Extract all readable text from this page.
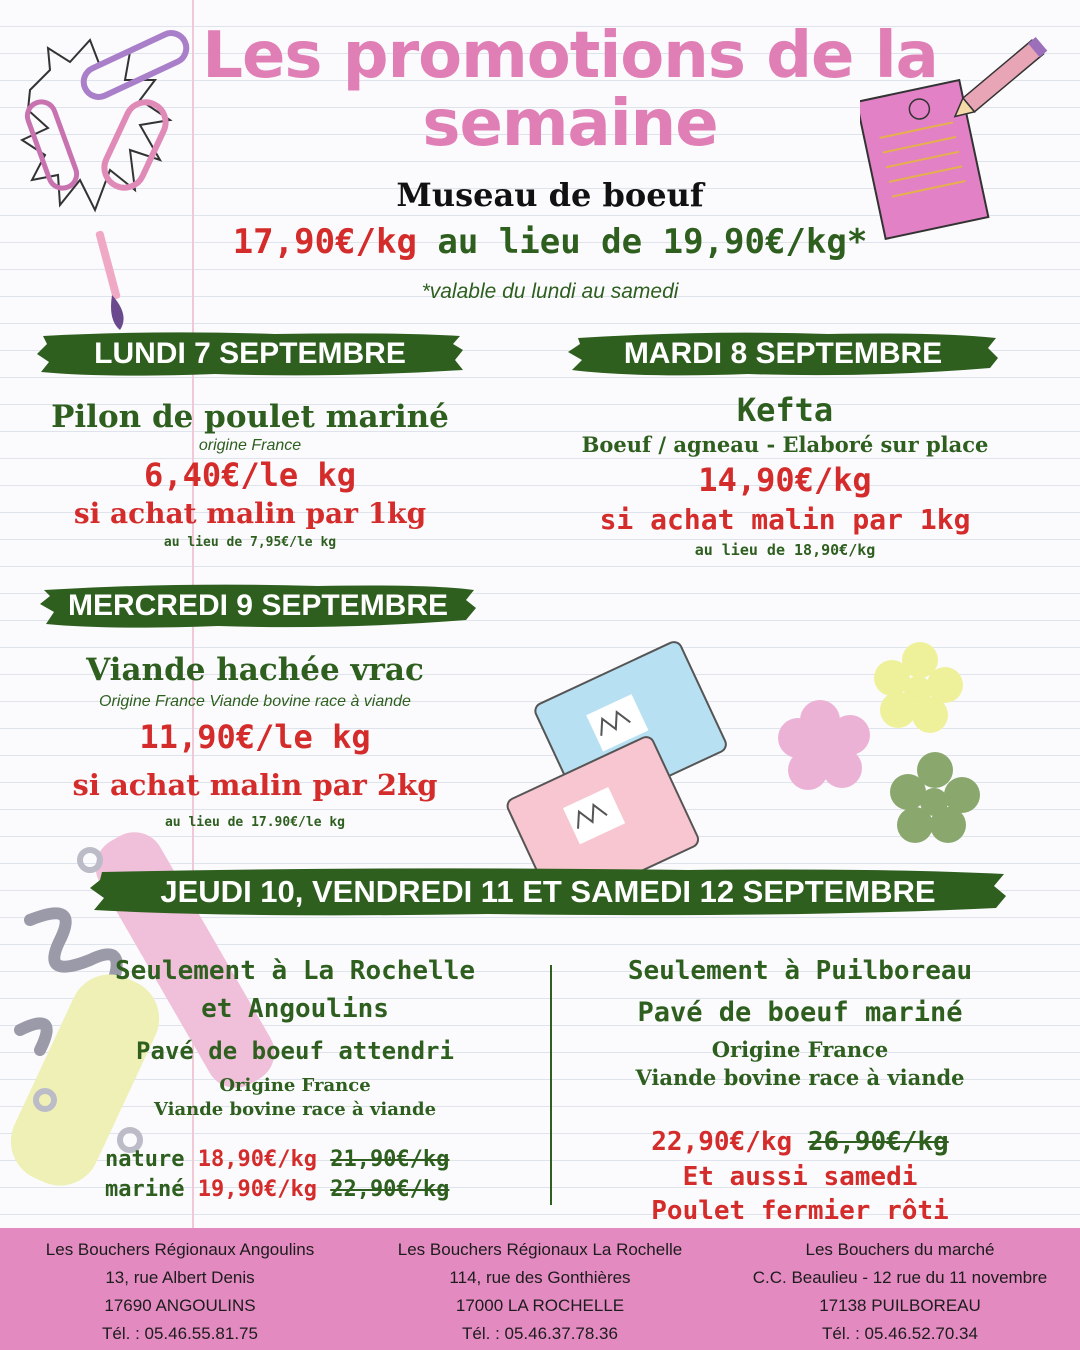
Les promotions de la semaine
Museau de boeuf
17,90€/kg au lieu de 19,90€/kg*
*valable du lundi au samedi
LUNDI 7 SEPTEMBRE
Pilon de poulet mariné
origine France
6,40€/le kg
si achat malin par 1kg
au lieu de 7,95€/le kg
MARDI 8 SEPTEMBRE
Kefta
Boeuf / agneau - Elaboré sur place
14,90€/kg
si achat malin par 1kg
au lieu de 18,90€/kg
MERCREDI 9 SEPTEMBRE
Viande hachée vrac
Origine France Viande bovine race à viande
11,90€/le kg
si achat malin par 2kg
au lieu de 17.90€/le kg
JEUDI 10, VENDREDI 11 ET SAMEDI 12 SEPTEMBRE
Seulement à La Rochelle
et Angoulins
Pavé de boeuf attendri
Origine France
Viande bovine race à viande
nature 18,90€/kg 21,90€/kg
mariné 19,90€/kg 22,90€/kg
Seulement à Puilboreau
Pavé de boeuf mariné
Origine France
Viande bovine race à viande
22,90€/kg 26,90€/kg
Et aussi samedi
Poulet fermier rôti
Les Bouchers Régionaux Angoulins
13, rue Albert Denis
17690 ANGOULINS
Tél. : 05.46.55.81.75
Les Bouchers Régionaux La Rochelle
114, rue des Gonthières
17000 LA ROCHELLE
Tél. : 05.46.37.78.36
Les Bouchers du marché
C.C. Beaulieu - 12 rue du 11 novembre
17138 PUILBOREAU
Tél. : 05.46.52.70.34
